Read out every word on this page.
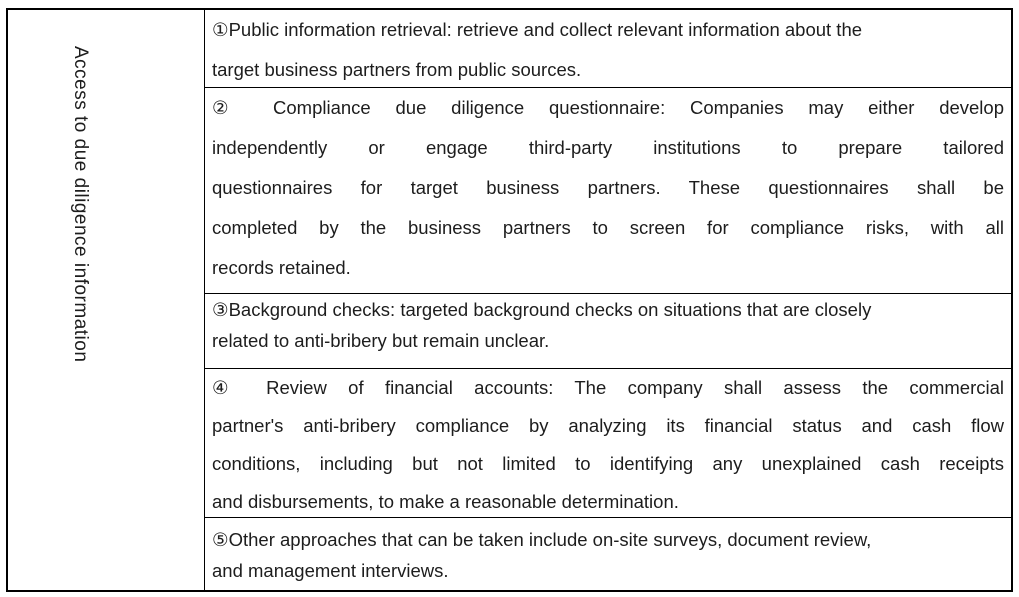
Access to due diligence information
①Public information retrieval: retrieve and collect relevant information about the
target business partners from public sources.
② Compliance due diligence questionnaire: Companies may either develop
independently or engage third-party institutions to prepare tailored
questionnaires for target business partners. These questionnaires shall be
completed by the business partners to screen for compliance risks, with all
records retained.
③Background checks: targeted background checks on situations that are closely
related to anti-bribery but remain unclear.
④ Review of financial accounts: The company shall assess the commercial
partner's anti-bribery compliance by analyzing its financial status and cash flow
conditions, including but not limited to identifying any unexplained cash receipts
and disbursements, to make a reasonable determination.
⑤Other approaches that can be taken include on-site surveys, document review,
and management interviews.
